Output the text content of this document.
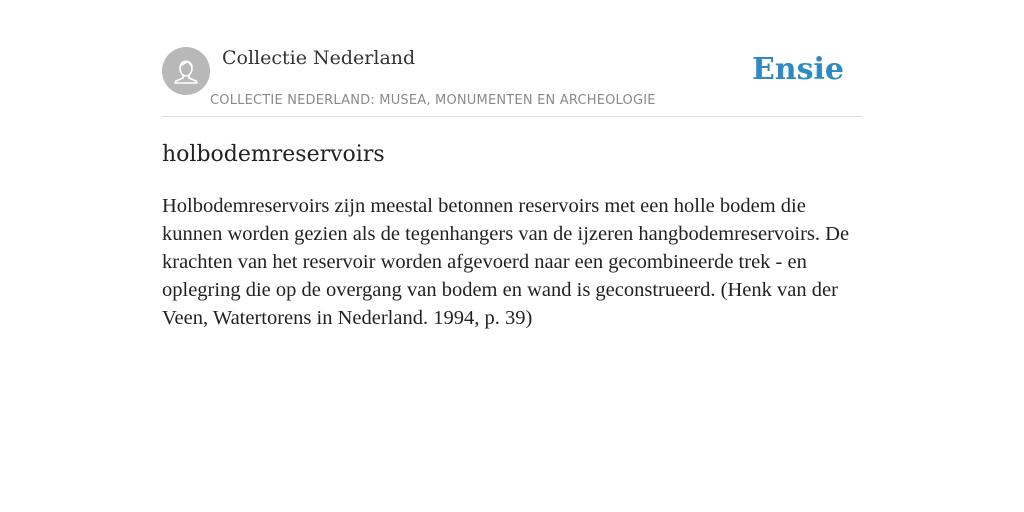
Collectie Nederland
COLLECTIE NEDERLAND: MUSEA, MONUMENTEN EN ARCHEOLOGIE
Ensie
holbodemreservoirs

Holbodemreservoirs zijn meestal betonnen reservoirs met een holle bodem die kunnen worden gezien als de tegenhangers van de ijzeren hangbodemreservoirs. De krachten van het reservoir worden afgevoerd naar een gecombineerde trek - en oplegring die op de overgang van bodem en wand is geconstrueerd. (Henk van der Veen, Watertorens in Nederland. 1994, p. 39)
